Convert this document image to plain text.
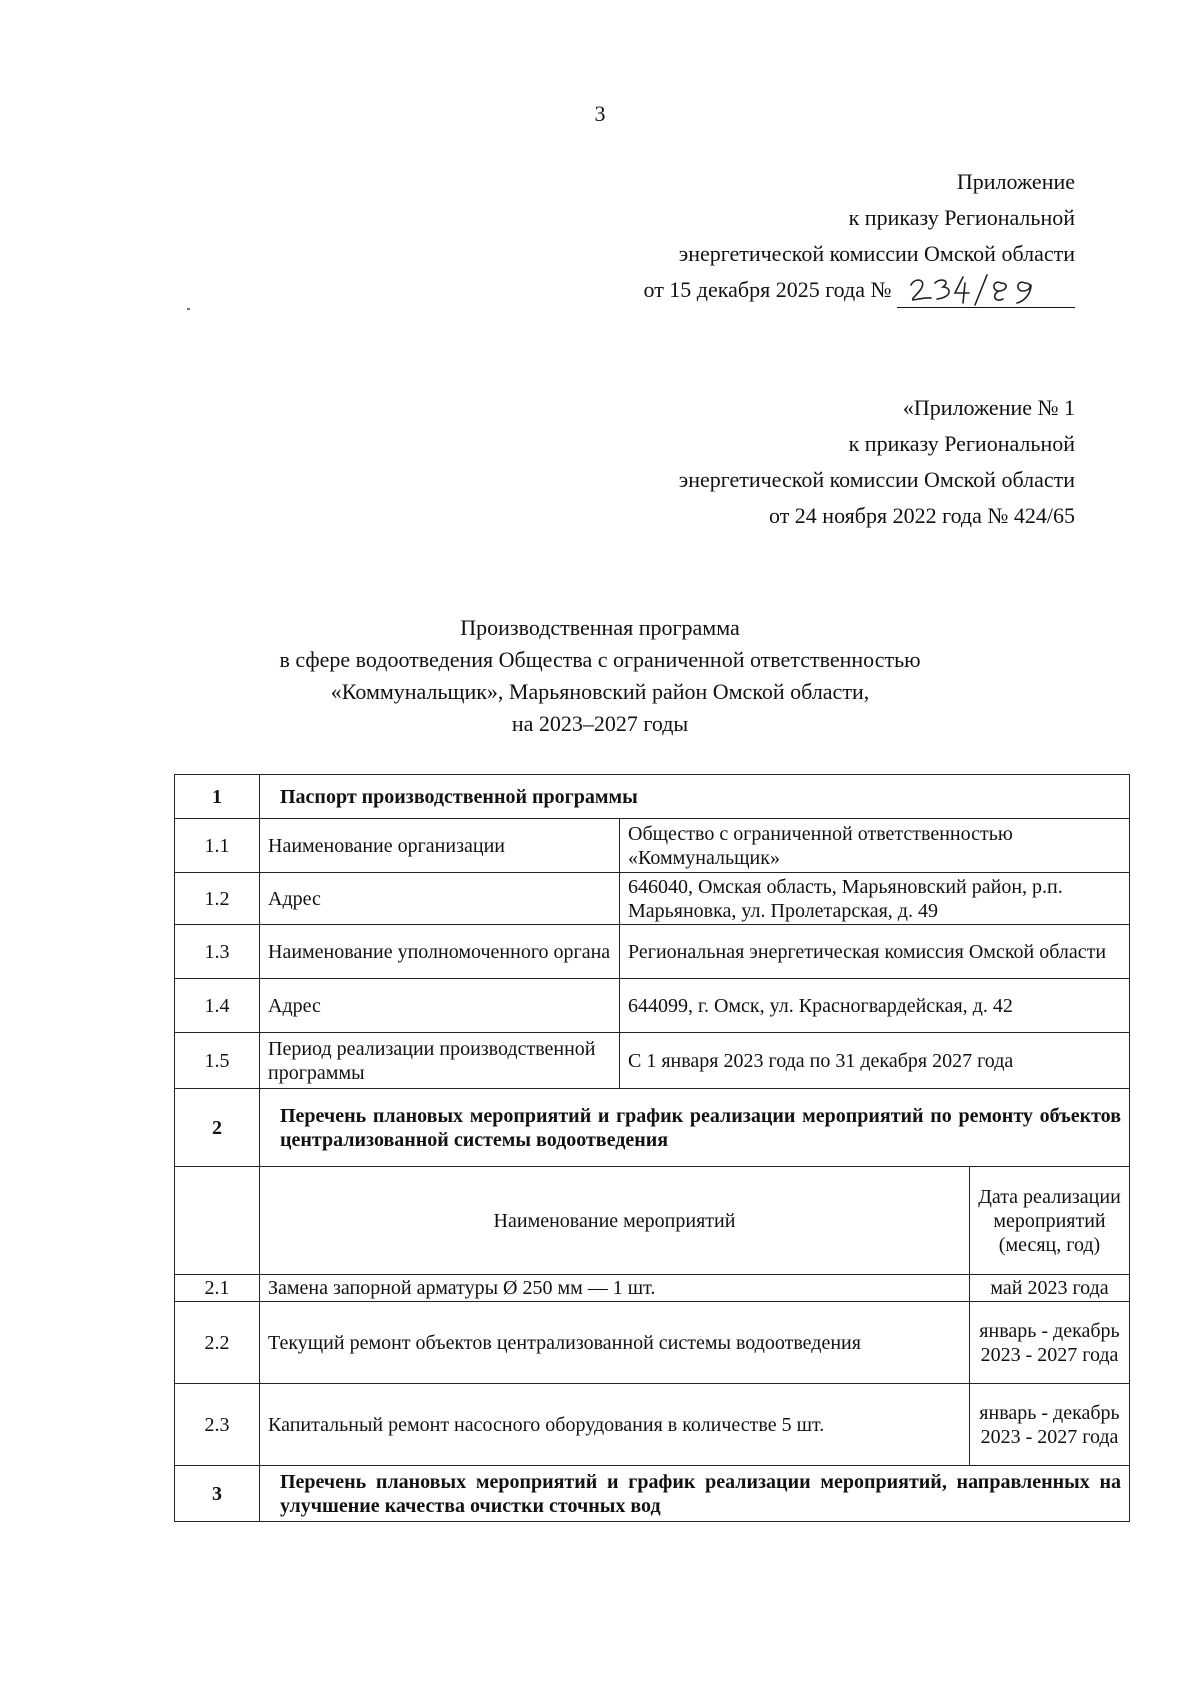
3
Приложение
к приказу Региональной
энергетической комиссии Омской области
от 15 декабря 2025 года №
«Приложение № 1
к приказу Региональной
энергетической комиссии Омской области
от 24 ноября 2022 года № 424/65
Производственная программа
в сфере водоотведения Общества с ограниченной ответственностью
«Коммунальщик», Марьяновский район Омской области,
на 2023–2027 годы
1	Паспорт производственной программы		
1.1	Наименование организации	Общество с ограниченной ответственностью «Коммунальщик»	
1.2	Адрес	646040, Омская область, Марьяновский район, р.п. Марьяновка, ул. Пролетарская, д. 49	
1.3	Наименование уполномоченного органа	Региональная энергетическая комиссия Омской области	
1.4	Адрес	644099, г. Омск, ул. Красногвардейская, д. 42	
1.5	Период реализации производственной программы	С 1 января 2023 года по 31 декабря 2027 года	
2	Перечень плановых мероприятий и график реализации мероприятий по ремонту объектов централизованной системы водоотведения		
	Наименование мероприятий		Дата реализации мероприятий (месяц, год)
2.1	Замена запорной арматуры Ø 250 мм — 1 шт.		май 2023 года
2.2	Текущий ремонт объектов централизованной системы водоотведения		январь - декабрь 2023 - 2027 года
2.3	Капитальный ремонт насосного оборудования в количестве 5 шт.		январь - декабрь 2023 - 2027 года
3	Перечень плановых мероприятий и график реализации мероприятий, направленных на улучшение качества очистки сточных вод		
